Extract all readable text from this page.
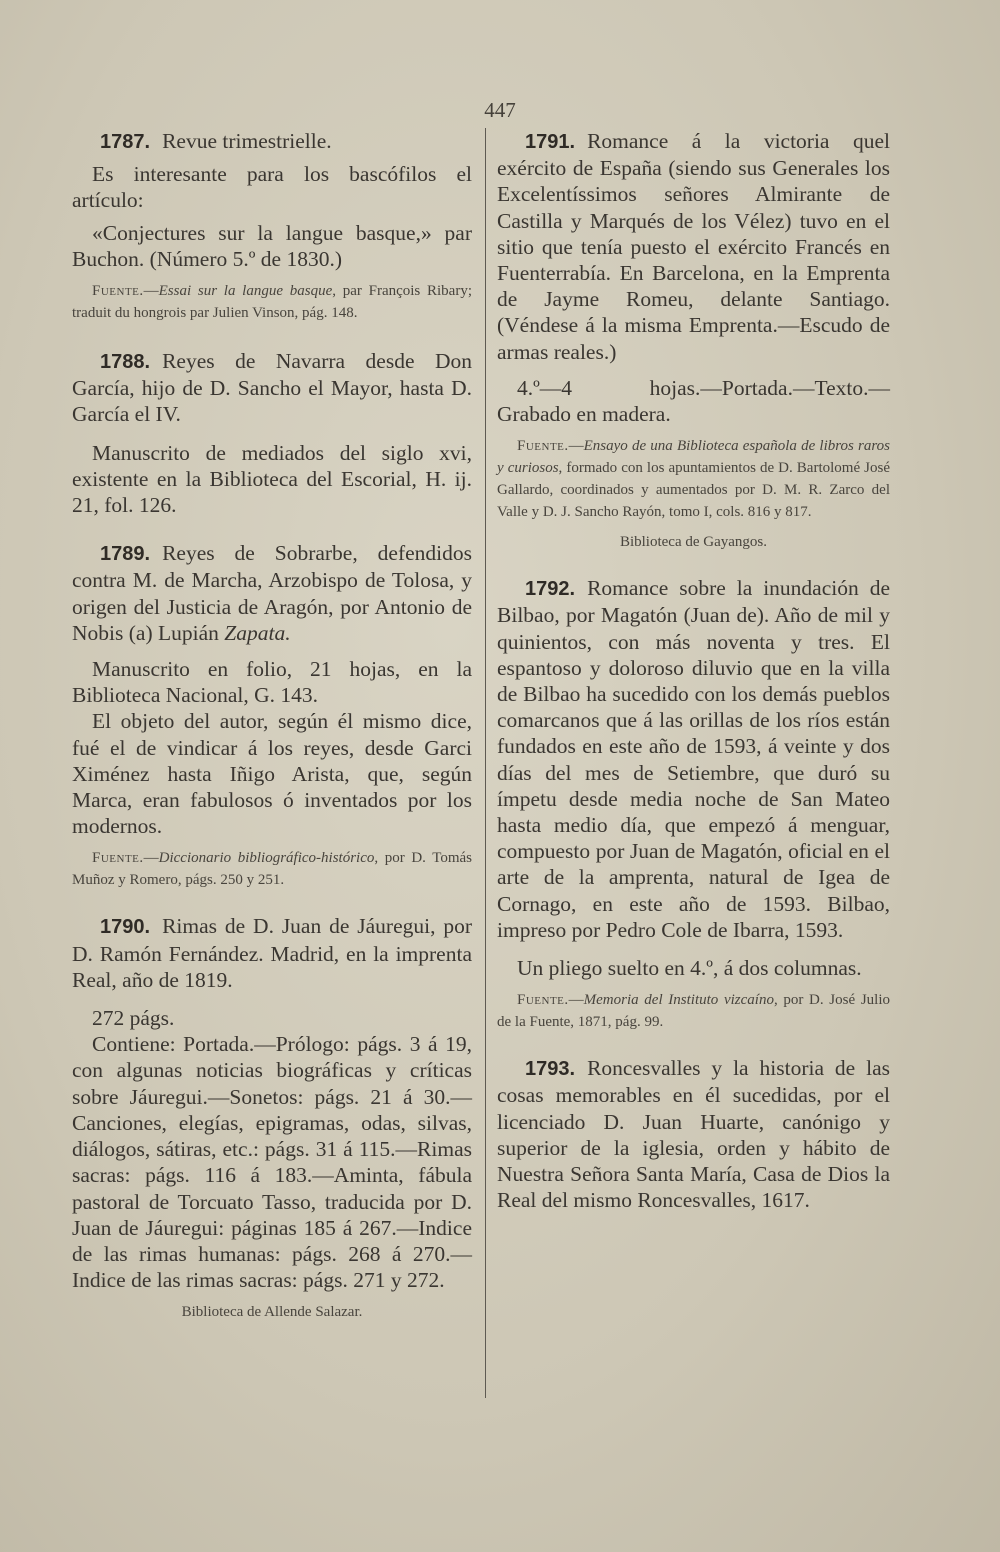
447

1787. Revue trimestrielle.

Es interesante para los bascófilos el artículo:

«Conjectures sur la langue basque,» par Buchon. (Número 5.º de 1830.)

Fuente.—Essai sur la langue basque, par François Ribary; traduit du hongrois par Julien Vinson, pág. 148.

1788. Reyes de Navarra desde Don García, hijo de D. Sancho el Mayor, hasta D. García el IV.

Manuscrito de mediados del siglo xvi, existente en la Biblioteca del Escorial, H. ij. 21, fol. 126.

1789. Reyes de Sobrarbe, defendidos contra M. de Marcha, Arzobispo de Tolosa, y origen del Justicia de Aragón, por Antonio de Nobis (a) Lupián Zapata.

Manuscrito en folio, 21 hojas, en la Biblioteca Nacional, G. 143.

El objeto del autor, según él mismo dice, fué el de vindicar á los reyes, desde Garci Ximénez hasta Iñigo Arista, que, según Marca, eran fabulosos ó inventados por los modernos.

Fuente.—Diccionario bibliográfico-histórico, por D. Tomás Muñoz y Romero, págs. 250 y 251.

1790. Rimas de D. Juan de Jáuregui, por D. Ramón Fernández. Madrid, en la imprenta Real, año de 1819.

272 págs.

Contiene: Portada.—Prólogo: págs. 3 á 19, con algunas noticias biográficas y críticas sobre Jáuregui.—Sonetos: págs. 21 á 30.—Canciones, elegías, epigramas, odas, silvas, diálogos, sátiras, etc.: págs. 31 á 115.—Rimas sacras: págs. 116 á 183.—Aminta, fábula pastoral de Torcuato Tasso, traducida por D. Juan de Jáuregui: páginas 185 á 267.—Indice de las rimas humanas: págs. 268 á 270.—Indice de las rimas sacras: págs. 271 y 272.

Biblioteca de Allende Salazar.

1791. Romance á la victoria quel exército de España (siendo sus Generales los Excelentíssimos señores Almirante de Castilla y Marqués de los Vélez) tuvo en el sitio que tenía puesto el exército Francés en Fuenterrabía. En Barcelona, en la Emprenta de Jayme Romeu, delante Santiago. (Véndese á la misma Emprenta.—Escudo de armas reales.)

4.º—4 hojas.—Portada.—Texto.—Grabado en madera.

Fuente.—Ensayo de una Biblioteca española de libros raros y curiosos, formado con los apuntamientos de D. Bartolomé José Gallardo, coordinados y aumentados por D. M. R. Zarco del Valle y D. J. Sancho Rayón, tomo I, cols. 816 y 817.

Biblioteca de Gayangos.

1792. Romance sobre la inundación de Bilbao, por Magatón (Juan de). Año de mil y quinientos, con más noventa y tres. El espantoso y doloroso diluvio que en la villa de Bilbao ha sucedido con los demás pueblos comarcanos que á las orillas de los ríos están fundados en este año de 1593, á veinte y dos días del mes de Setiembre, que duró su ímpetu desde media noche de San Mateo hasta medio día, que empezó á menguar, compuesto por Juan de Magatón, oficial en el arte de la amprenta, natural de Igea de Cornago, en este año de 1593. Bilbao, impreso por Pedro Cole de Ibarra, 1593.

Un pliego suelto en 4.º, á dos columnas.

Fuente.—Memoria del Instituto vizcaíno, por D. José Julio de la Fuente, 1871, pág. 99.

1793. Roncesvalles y la historia de las cosas memorables en él sucedidas, por el licenciado D. Juan Huarte, canónigo y superior de la iglesia, orden y hábito de Nuestra Señora Santa María, Casa de Dios la Real del mismo Roncesvalles, 1617.
